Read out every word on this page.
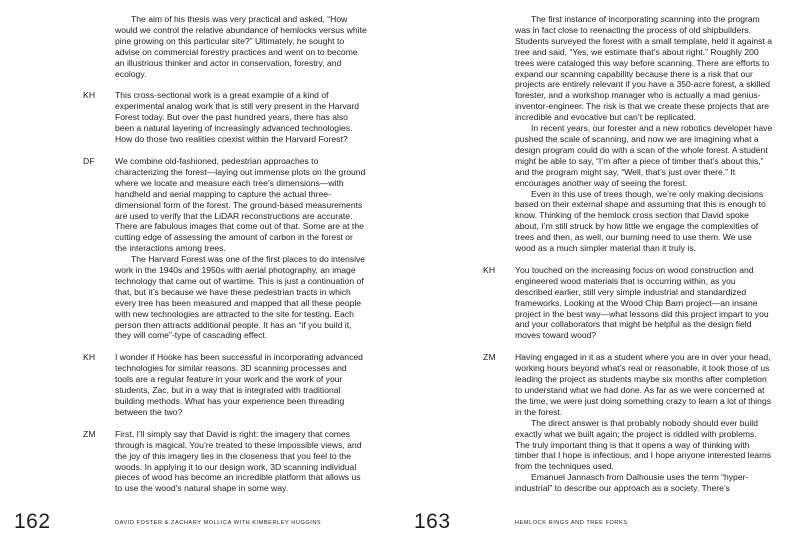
The aim of his thesis was very practical and asked, “How would we control the relative abundance of hemlocks versus white pine growing on this particular site?” Ultimately, he sought to advise on commercial forestry practices and went on to become an illustrious thinker and actor in conservation, forestry, and ecology.

KH This cross-sectional work is a great example of a kind of experimental analog work that is still very present in the Harvard Forest today. But over the past hundred years, there has also been a natural layering of increasingly advanced technologies. How do those two realities coexist within the Harvard Forest?

DF We combine old-fashioned, pedestrian approaches to characterizing the forest—laying out immense plots on the ground where we locate and measure each tree’s dimensions—with handheld and aerial mapping to capture the actual three-dimensional form of the forest. The ground-based measurements are used to verify that the LiDAR reconstructions are accurate. There are fabulous images that come out of that. Some are at the cutting edge of assessing the amount of carbon in the forest or the interactions among trees.

The Harvard Forest was one of the first places to do intensive work in the 1940s and 1950s with aerial photography, an image technology that came out of wartime. This is just a continuation of that, but it’s because we have these pedestrian tracts in which every tree has been measured and mapped that all these people with new technologies are attracted to the site for testing. Each person then attracts additional people. It has an “if you build it, they will come”-type of cascading effect.

KH I wonder if Hooke has been successful in incorporating advanced technologies for similar reasons. 3D scanning processes and tools are a regular feature in your work and the work of your students, Zac, but in a way that is integrated with traditional building methods. What has your experience been threading between the two?

ZM First, I’ll simply say that David is right: the imagery that comes through is magical. You’re treated to these impossible views, and the joy of this imagery lies in the closeness that you feel to the woods. In applying it to our design work, 3D scanning individual pieces of wood has become an incredible platform that allows us to use the wood’s natural shape in some way.

162	DAVID FOSTER & ZACHARY MOLLICA WITH KIMBERLEY HUGGINS

The first instance of incorporating scanning into the program was in fact close to reenacting the process of old shipbuilders. Students surveyed the forest with a small template, held it against a tree and said, “Yes, we estimate that’s about right.” Roughly 200 trees were cataloged this way before scanning. There are efforts to expand our scanning capability because there is a risk that our projects are entirely relevant if you have a 350-acre forest, a skilled forester, and a workshop manager who is actually a mad genius-inventor-engineer. The risk is that we create these projects that are incredible and evocative but can’t be replicated.

In recent years, our forester and a new robotics developer have pushed the scale of scanning, and now we are imagining what a design program could do with a scan of the whole forest. A student might be able to say, “I’m after a piece of timber that’s about this,” and the program might say, “Well, that’s just over there.” It encourages another way of seeing the forest.

Even in this use of trees though, we’re only making decisions based on their external shape and assuming that this is enough to know. Thinking of the hemlock cross section that David spoke about, I’m still struck by how little we engage the complexities of trees and then, as well, our burning need to use them. We use wood as a much simpler material than it truly is.

KH You touched on the increasing focus on wood construction and engineered wood materials that is occurring within, as you described earlier, still very simple industrial and standardized frameworks. Looking at the Wood Chip Barn project—an insane project in the best way—what lessons did this project impart to you and your collaborators that might be helpful as the design field moves toward wood?

ZM Having engaged in it as a student where you are in over your head, working hours beyond what’s real or reasonable, it took those of us leading the project as students maybe six months after completion to understand what we had done. As far as we were concerned at the time, we were just doing something crazy to learn a lot of things in the forest.

The direct answer is that probably nobody should ever build exactly what we built again; the project is riddled with problems. The truly important thing is that it opens a way of thinking with timber that I hope is infectious, and I hope anyone interested learns from the techniques used.

Emanuel Jannasch from Dalhousie uses the term “hyper-industrial” to describe our approach as a society. There’s

163	HEMLOCK RINGS AND TREE FORKS
